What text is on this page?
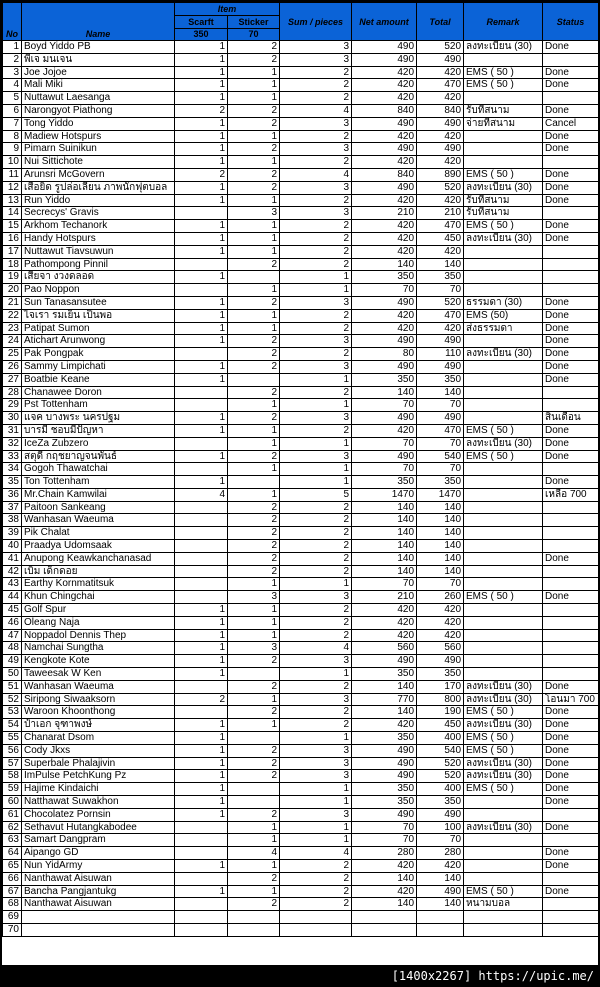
No	Name	Item		Sum / pieces	Net amount	Total	Remark	Status
		Scarft	Sticker					
		350	70					
1	Boyd Yiddo PB	1	2	3	490	520	ลงทะเบียน (30)	Done
2	พี่เจ มนเจน	1	2	3	490	490		
3	Joe Jojoe	1	1	2	420	420	EMS ( 50 )	Done
4	Mali Miki	1	1	2	420	470	EMS ( 50 )	Done
5	Nuttawut Laesanga	1	1	2	420	420		
6	Narongyot Piathong	2	2	4	840	840	รับที่สนาม	Done
7	Tong Yiddo	1	2	3	490	490	จ่ายที่สนาม	Cancel
8	Madiew Hotspurs	1	1	2	420	420		Done
9	Pimarn Suinikun	1	2	3	490	490		Done
10	Nui Sittichote	1	1	2	420	420		
11	Arunsri McGovern	2	2	4	840	890	EMS ( 50 )	Done
12	เสือยิด รูปล่อเลียน ภาพนักฟุตบอล	1	2	3	490	520	ลงทะเบียน (30)	Done
13	Run Yiddo	1	1	2	420	420	รับที่สนาม	Done
14	Secrecys' Gravis		3	3	210	210	รับที่สนาม	
15	Arkhom Techanork	1	1	2	420	470	EMS ( 50 )	Done
16	Handy Hotspurs	1	1	2	420	450	ลงทะเบียน (30)	Done
17	Nuttawut Tiavsuwun	1	1	2	420	420		
18	Pathompong Pinnil		2	2	140	140		
19	เสียจา งวงดลอด	1		1	350	350		
20	Pao Noppon		1	1	70	70		
21	Sun Tanasansutee	1	2	3	490	520	ธรรมดา (30)	Done
22	ไจเรา รมเย็น เป็นพอ	1	1	2	420	470	EMS (50)	Done
23	Patipat Sumon	1	1	2	420	420	ส่งธรรมดา	Done
24	Atichart Arunwong	1	2	3	490	490		Done
25	Pak Pongpak		2	2	80	110	ลงทะเบียน (30)	Done
26	Sammy Limpichati	1	2	3	490	490		Done
27	Boatbie Keane	1		1	350	350		Done
28	Chanawee Doron		2	2	140	140		
29	Pst Tottenham		1	1	70	70		
30	แจค บางพระ นครปฐม	1	2	3	490	490		สิ้นเดือน
31	บารมี ชอบมีปัญหา	1	1	2	420	470	EMS ( 50 )	Done
32	IceZa Zubzero		1	1	70	70	ลงทะเบียน (30)	Done
33	สตุดี้ กฤชยาญจนพันธ์	1	2	3	490	540	EMS ( 50 )	Done
34	Gogoh Thawatchai		1	1	70	70		
35	Ton Tottenham	1		1	350	350		Done
36	Mr.Chain Kamwilai	4	1	5	1470	1470		เหลือ 700
37	Paitoon Sankeang		2	2	140	140		
38	Wanhasan Waeuma		2	2	140	140		
39	Pik Chalat		2	2	140	140		
40	Praadya Udomsaak		2	2	140	140		
41	Anupong Keawkanchanasad		2	2	140	140		Done
42	เบิ้ม เด็กดอย		2	2	140	140		
43	Earthy Kornmatitsuk		1	1	70	70		
44	Khun Chingchai		3	3	210	260	EMS ( 50 )	Done
45	Golf Spur	1	1	2	420	420		
46	Oleang Naja	1	1	2	420	420		
47	Noppadol Dennis Thep	1	1	2	420	420		
48	Namchai Sungtha	1	3	4	560	560		
49	Kengkote Kote	1	2	3	490	490		
50	Taweesak W Ken	1		1	350	350		
51	Wanhasan Waeuma		2	2	140	170	ลงทะเบียน (30)	Done
52	Siripong Siwaaksorn	2	1	3	770	800	ลงทะเบียน (30)	โอนมา 700
53	Waroon Khoonthong		2	2	140	190	EMS ( 50 )	Done
54	ป๋าเอก จุฑาพงษ์	1	1	2	420	450	ลงทะเบียน (30)	Done
55	Chanarat Dsom	1		1	350	400	EMS ( 50 )	Done
56	Cody Jkxs	1	2	3	490	540	EMS ( 50 )	Done
57	Superbale Phalajivin	1	2	3	490	520	ลงทะเบียน (30)	Done
58	ImPulse PetchKung Pz	1	2	3	490	520	ลงทะเบียน (30)	Done
59	Hajime Kindaichi	1		1	350	400	EMS ( 50 )	Done
60	Natthawat Suwakhon	1		1	350	350		Done
61	Chocolatez Pornsin	1	2	3	490	490		
62	Sethavut Hutangkabodee		1	1	70	100	ลงทะเบียน (30)	Done
63	Samart Dangpram		1	1	70	70		
64	Aipango GD		4	4	280	280		Done
65	Nun YidArmy	1	1	2	420	420		Done
66	Nanthawat Aisuwan		2	2	140	140		
67	Bancha Pangjantukg	1	1	2	420	490	EMS ( 50 )	Done
68	Nanthawat Aisuwan		2	2	140	140	หนามบอล	
69								
70								
[1400x2267] https://upic.me/
